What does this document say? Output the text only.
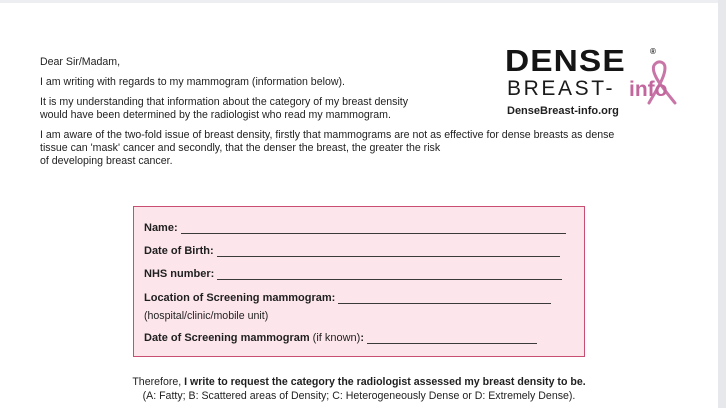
Dear Sir/Madam,

I am writing with regards to my mammogram (information below).

It is my understanding that information about the category of my breast density
would have been determined by the radiologist who read my mammogram.

I am aware of the two-fold issue of breast density, firstly that mammograms are not as effective for dense breasts as dense
tissue can 'mask' cancer and secondly, that the denser the breast, the greater the risk
of developing breast cancer.

DENSE	®
BREAST- info
DenseBreast-info.org
Name:
Date of Birth:
NHS number:
Location of Screening mammogram:
(hospital/clinic/mobile unit)
Date of Screening mammogram (if known) :
Therefore, I write to request the category the radiologist assessed my breast density to be.
(A: Fatty; B: Scattered areas of Density; C: Heterogeneously Dense or D: Extremely Dense).
